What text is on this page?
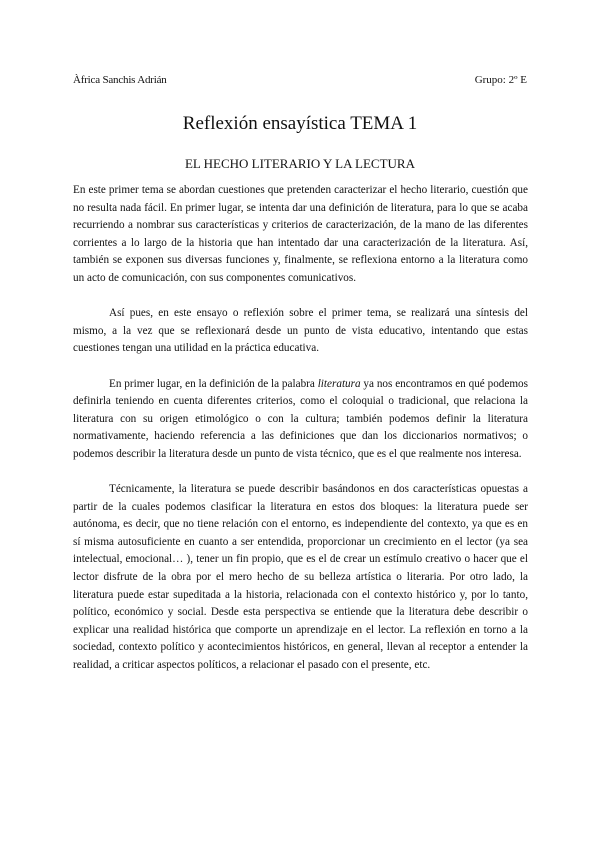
Àfrica Sanchis Adrián	Grupo: 2º E
Reflexión ensayística TEMA 1
EL HECHO LITERARIO Y LA LECTURA

En este primer tema se abordan cuestiones que pretenden caracterizar el hecho literario, cuestión que no resulta nada fácil. En primer lugar, se intenta dar una definición de literatura, para lo que se acaba recurriendo a nombrar sus características y criterios de caracterización, de la mano de las diferentes corrientes a lo largo de la historia que han intentado dar una caracterización de la literatura. Así, también se exponen sus diversas funciones y, finalmente, se reflexiona entorno a la literatura como un acto de comunicación, con sus componentes comunicativos.

Así pues, en este ensayo o reflexión sobre el primer tema, se realizará una síntesis del mismo, a la vez que se reflexionará desde un punto de vista educativo, intentando que estas cuestiones tengan una utilidad en la práctica educativa.

En primer lugar, en la definición de la palabra literatura ya nos encontramos en qué podemos definirla teniendo en cuenta diferentes criterios, como el coloquial o tradicional, que relaciona la literatura con su origen etimológico o con la cultura; también podemos definir la literatura normativamente, haciendo referencia a las definiciones que dan los diccionarios normativos; o podemos describir la literatura desde un punto de vista técnico, que es el que realmente nos interesa.

Técnicamente, la literatura se puede describir basándonos en dos características opuestas a partir de la cuales podemos clasificar la literatura en estos dos bloques: la literatura puede ser autónoma, es decir, que no tiene relación con el entorno, es independiente del contexto, ya que es en sí misma autosuficiente en cuanto a ser entendida, proporcionar un crecimiento en el lector (ya sea intelectual, emocional… ), tener un fin propio, que es el de crear un estímulo creativo o hacer que el lector disfrute de la obra por el mero hecho de su belleza artística o literaria. Por otro lado, la literatura puede estar supeditada a la historia, relacionada con el contexto histórico y, por lo tanto, político, económico y social. Desde esta perspectiva se entiende que la literatura debe describir o explicar una realidad histórica que comporte un aprendizaje en el lector. La reflexión en torno a la sociedad, contexto político y acontecimientos históricos, en general, llevan al receptor a entender la realidad, a criticar aspectos políticos, a relacionar el pasado con el presente, etc.
